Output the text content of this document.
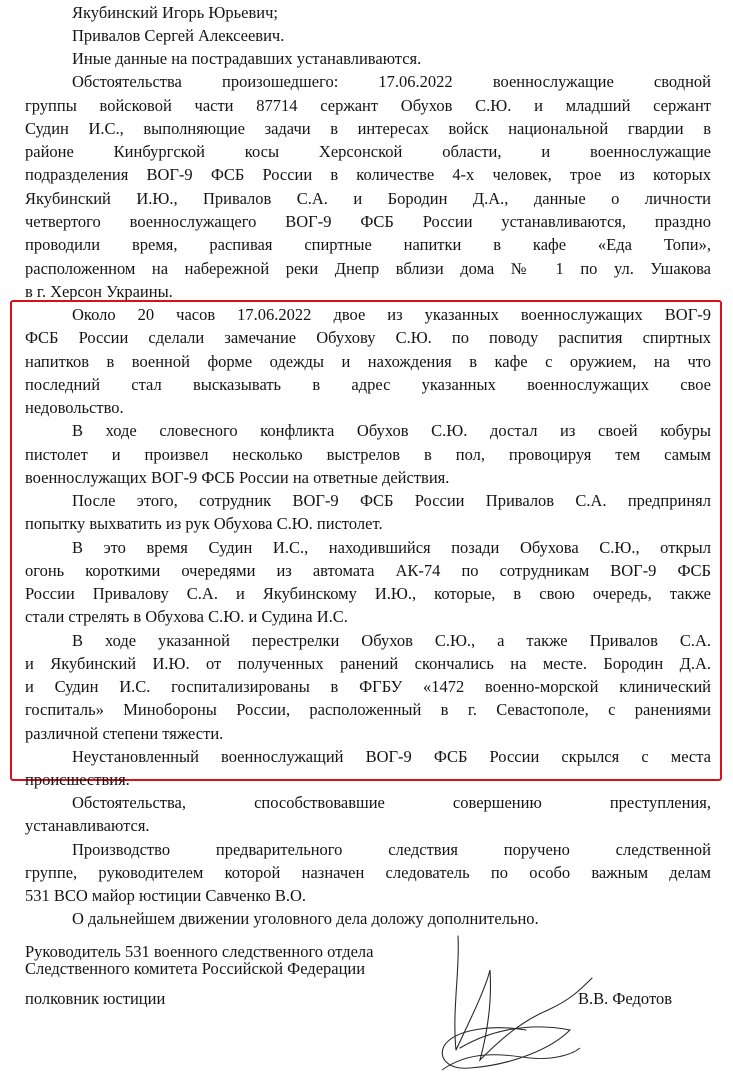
Якубинский Игорь Юрьевич;
Привалов Сергей Алексеевич.
Иные данные на пострадавших устанавливаются.
Обстоятельства произошедшего: 17.06.2022 военнослужащие сводной
группы войсковой части 87714 сержант Обухов С.Ю. и младший сержант
Судин И.С., выполняющие задачи в интересах войск национальной гвардии в
районе Кинбургской косы Херсонской области, и военнослужащие
подразделения ВОГ-9 ФСБ России в количестве 4-х человек, трое из которых
Якубинский И.Ю., Привалов С.А. и Бородин Д.А., данные о личности
четвертого военнослужащего ВОГ-9 ФСБ России устанавливаются, праздно
проводили время, распивая спиртные напитки в кафе «Еда Топи»,
расположенном на набережной реки Днепр вблизи дома № 1 по ул. Ушакова
в г. Херсон Украины.
Около 20 часов 17.06.2022 двое из указанных военнослужащих ВОГ-9
ФСБ России сделали замечание Обухову С.Ю. по поводу распития спиртных
напитков в военной форме одежды и нахождения в кафе с оружием, на что
последний стал высказывать в адрес указанных военнослужащих свое
недовольство.
В ходе словесного конфликта Обухов С.Ю. достал из своей кобуры
пистолет и произвел несколько выстрелов в пол, провоцируя тем самым
военнослужащих ВОГ-9 ФСБ России на ответные действия.
После этого, сотрудник ВОГ-9 ФСБ России Привалов С.А. предпринял
попытку выхватить из рук Обухова С.Ю. пистолет.
В это время Судин И.С., находившийся позади Обухова С.Ю., открыл
огонь короткими очередями из автомата АК-74 по сотрудникам ВОГ-9 ФСБ
России Привалову С.А. и Якубинскому И.Ю., которые, в свою очередь, также
стали стрелять в Обухова С.Ю. и Судина И.С.
В ходе указанной перестрелки Обухов С.Ю., а также Привалов С.А.
и Якубинский И.Ю. от полученных ранений скончались на месте. Бородин Д.А.
и Судин И.С. госпитализированы в ФГБУ «1472 военно-морской клинический
госпиталь» Минобороны России, расположенный в г. Севастополе, с ранениями
различной степени тяжести.
Неустановленный военнослужащий ВОГ-9 ФСБ России скрылся с места
происшествия.
Обстоятельства, способствовавшие совершению преступления,
устанавливаются.
Производство предварительного следствия поручено следственной
группе, руководителем которой назначен следователь по особо важным делам
531 ВСО майор юстиции Савченко В.О.
О дальнейшем движении уголовного дела доложу дополнительно.
Руководитель 531 военного следственного отдела
Следственного комитета Российской Федерации
полковник юстиции	В.В. Федотов
